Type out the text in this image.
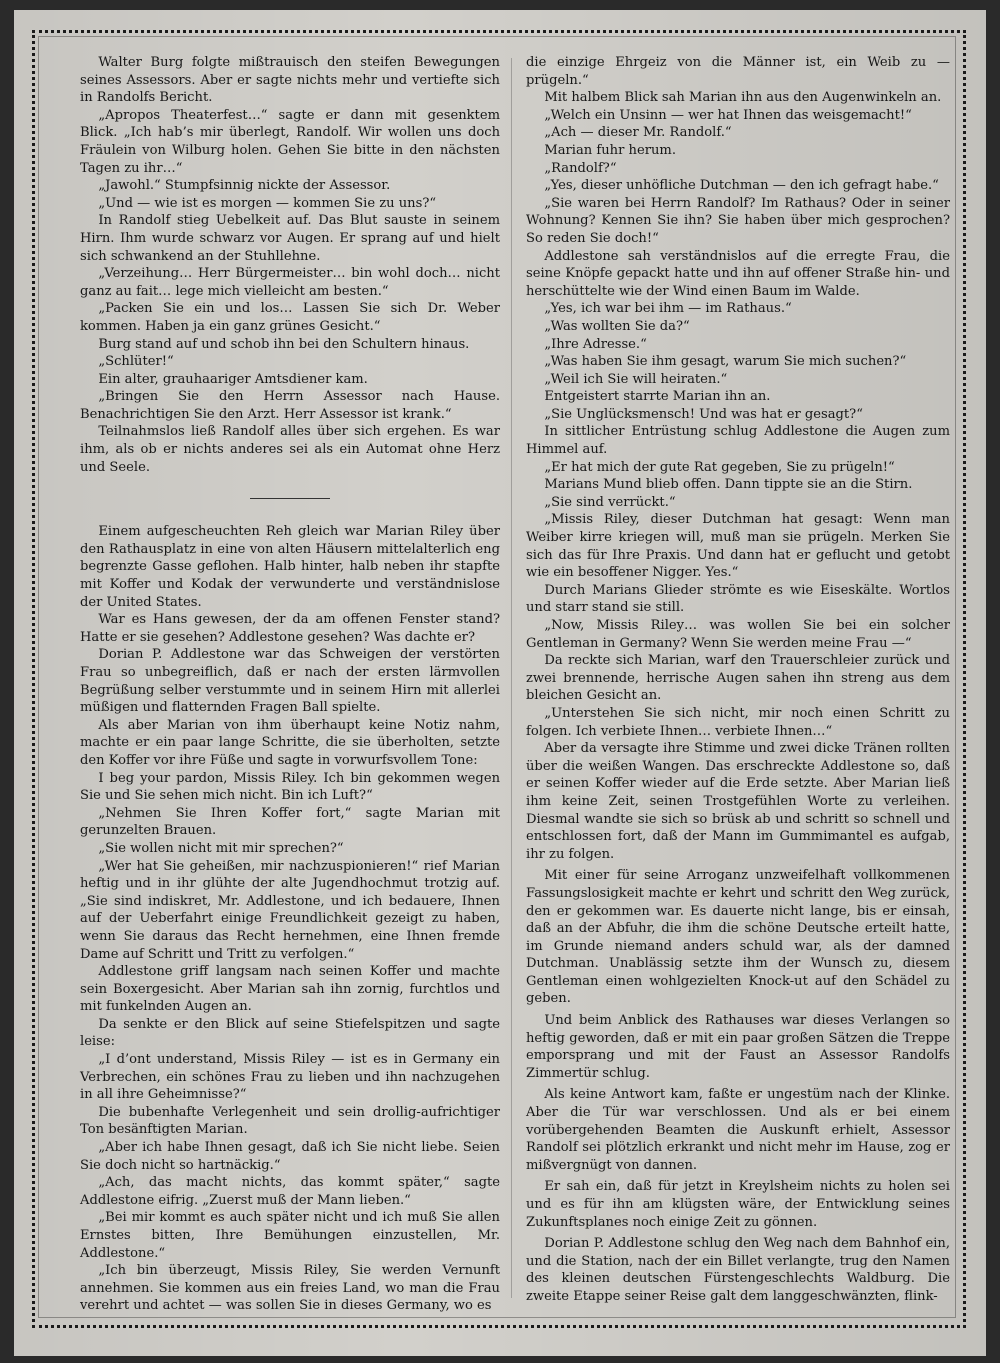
Walter Burg folgte mißtrauisch den steifen Bewegungen seines Assessors. Aber er sagte nichts mehr und vertiefte sich in Randolfs Bericht.

„Apropos Theaterfest…“ sagte er dann mit gesenktem Blick. „Ich hab’s mir überlegt, Randolf. Wir wollen uns doch Fräulein von Wilburg holen. Gehen Sie bitte in den nächsten Tagen zu ihr…“

„Jawohl.“ Stumpfsinnig nickte der Assessor.

„Und — wie ist es morgen — kommen Sie zu uns?“

In Randolf stieg Uebelkeit auf. Das Blut sauste in seinem Hirn. Ihm wurde schwarz vor Augen. Er sprang auf und hielt sich schwankend an der Stuhllehne.

„Verzeihung… Herr Bürgermeister… bin wohl doch… nicht ganz au fait… lege mich vielleicht am besten.“

„Packen Sie ein und los… Lassen Sie sich Dr. Weber kommen. Haben ja ein ganz grünes Gesicht.“

Burg stand auf und schob ihn bei den Schultern hinaus.

„Schlüter!“

Ein alter, grauhaariger Amtsdiener kam.

„Bringen Sie den Herrn Assessor nach Hause. Benachrichtigen Sie den Arzt. Herr Assessor ist krank.“

Teilnahmslos ließ Randolf alles über sich ergehen. Es war ihm, als ob er nichts anderes sei als ein Automat ohne Herz und Seele.

Einem aufgescheuchten Reh gleich war Marian Riley über den Rathausplatz in eine von alten Häusern mittelalterlich eng begrenzte Gasse geflohen. Halb hinter, halb neben ihr stapfte mit Koffer und Kodak der verwunderte und verständnislose der United States.

War es Hans gewesen, der da am offenen Fenster stand? Hatte er sie gesehen? Addlestone gesehen? Was dachte er?

Dorian P. Addlestone war das Schweigen der verstörten Frau so unbegreiflich, daß er nach der ersten lärmvollen Begrüßung selber verstummte und in seinem Hirn mit allerlei müßigen und flatternden Fragen Ball spielte.

Als aber Marian von ihm überhaupt keine Notiz nahm, machte er ein paar lange Schritte, die sie überholten, setzte den Koffer vor ihre Füße und sagte in vorwurfsvollem Tone:

I beg your pardon, Missis Riley. Ich bin gekommen wegen Sie und Sie sehen mich nicht. Bin ich Luft?“

„Nehmen Sie Ihren Koffer fort,“ sagte Marian mit gerunzelten Brauen.

„Sie wollen nicht mit mir sprechen?“

„Wer hat Sie geheißen, mir nachzuspionieren!“ rief Marian heftig und in ihr glühte der alte Jugendhochmut trotzig auf. „Sie sind indiskret, Mr. Addlestone, und ich bedauere, Ihnen auf der Ueberfahrt einige Freundlichkeit gezeigt zu haben, wenn Sie daraus das Recht hernehmen, eine Ihnen fremde Dame auf Schritt und Tritt zu verfolgen.“

Addlestone griff langsam nach seinen Koffer und machte sein Boxergesicht. Aber Marian sah ihn zornig, furchtlos und mit funkelnden Augen an.

Da senkte er den Blick auf seine Stiefelspitzen und sagte leise:

„I d’ont understand, Missis Riley — ist es in Germany ein Verbrechen, ein schönes Frau zu lieben und ihn nachzugehen in all ihre Geheimnisse?“

Die bubenhafte Verlegenheit und sein drollig-aufrichtiger Ton besänftigten Marian.

„Aber ich habe Ihnen gesagt, daß ich Sie nicht liebe. Seien Sie doch nicht so hartnäckig.“

„Ach, das macht nichts, das kommt später,“ sagte Addlestone eifrig. „Zuerst muß der Mann lieben.“

„Bei mir kommt es auch später nicht und ich muß Sie allen Ernstes bitten, Ihre Bemühungen einzustellen, Mr. Addlestone.“

„Ich bin überzeugt, Missis Riley, Sie werden Vernunft annehmen. Sie kommen aus ein freies Land, wo man die Frau verehrt und achtet — was sollen Sie in dieses Germany, wo es

die einzige Ehrgeiz von die Männer ist, ein Weib zu — prügeln.“

Mit halbem Blick sah Marian ihn aus den Augenwinkeln an.

„Welch ein Unsinn — wer hat Ihnen das weisgemacht!“

„Ach — dieser Mr. Randolf.“

Marian fuhr herum.

„Randolf?“

„Yes, dieser unhöfliche Dutchman — den ich gefragt habe.“

„Sie waren bei Herrn Randolf? Im Rathaus? Oder in seiner Wohnung? Kennen Sie ihn? Sie haben über mich gesprochen? So reden Sie doch!“

Addlestone sah verständnislos auf die erregte Frau, die seine Knöpfe gepackt hatte und ihn auf offener Straße hin- und herschüttelte wie der Wind einen Baum im Walde.

„Yes, ich war bei ihm — im Rathaus.“

„Was wollten Sie da?“

„Ihre Adresse.“

„Was haben Sie ihm gesagt, warum Sie mich suchen?“

„Weil ich Sie will heiraten.“

Entgeistert starrte Marian ihn an.

„Sie Unglücksmensch! Und was hat er gesagt?“

In sittlicher Entrüstung schlug Addlestone die Augen zum Himmel auf.

„Er hat mich der gute Rat gegeben, Sie zu prügeln!“

Marians Mund blieb offen. Dann tippte sie an die Stirn.

„Sie sind verrückt.“

„Missis Riley, dieser Dutchman hat gesagt: Wenn man Weiber kirre kriegen will, muß man sie prügeln. Merken Sie sich das für Ihre Praxis. Und dann hat er geflucht und getobt wie ein besoffener Nigger. Yes.“

Durch Marians Glieder strömte es wie Eiseskälte. Wortlos und starr stand sie still.

„Now, Missis Riley… was wollen Sie bei ein solcher Gentleman in Germany? Wenn Sie werden meine Frau —“

Da reckte sich Marian, warf den Trauerschleier zurück und zwei brennende, herrische Augen sahen ihn streng aus dem bleichen Gesicht an.

„Unterstehen Sie sich nicht, mir noch einen Schritt zu folgen. Ich verbiete Ihnen… verbiete Ihnen…“

Aber da versagte ihre Stimme und zwei dicke Tränen rollten über die weißen Wangen. Das erschreckte Addlestone so, daß er seinen Koffer wieder auf die Erde setzte. Aber Marian ließ ihm keine Zeit, seinen Trostgefühlen Worte zu verleihen. Diesmal wandte sie sich so brüsk ab und schritt so schnell und entschlossen fort, daß der Mann im Gummimantel es aufgab, ihr zu folgen.

Mit einer für seine Arroganz unzweifelhaft vollkommenen Fassungslosigkeit machte er kehrt und schritt den Weg zurück, den er gekommen war. Es dauerte nicht lange, bis er einsah, daß an der Abfuhr, die ihm die schöne Deutsche erteilt hatte, im Grunde niemand anders schuld war, als der damned Dutchman. Unablässig setzte ihm der Wunsch zu, diesem Gentleman einen wohlgezielten Knock-ut auf den Schädel zu geben.

Und beim Anblick des Rathauses war dieses Verlangen so heftig geworden, daß er mit ein paar großen Sätzen die Treppe emporsprang und mit der Faust an Assessor Randolfs Zimmertür schlug.

Als keine Antwort kam, faßte er ungestüm nach der Klinke. Aber die Tür war verschlossen. Und als er bei einem vorübergehenden Beamten die Auskunft erhielt, Assessor Randolf sei plötzlich erkrankt und nicht mehr im Hause, zog er mißvergnügt von dannen.

Er sah ein, daß für jetzt in Kreylsheim nichts zu holen sei und es für ihn am klügsten wäre, der Entwicklung seines Zukunftsplanes noch einige Zeit zu gönnen.

Dorian P. Addlestone schlug den Weg nach dem Bahnhof ein, und die Station, nach der ein Billet verlangte, trug den Namen des kleinen deutschen Fürstengeschlechts Waldburg. Die zweite Etappe seiner Reise galt dem langgeschwänzten, flink-
